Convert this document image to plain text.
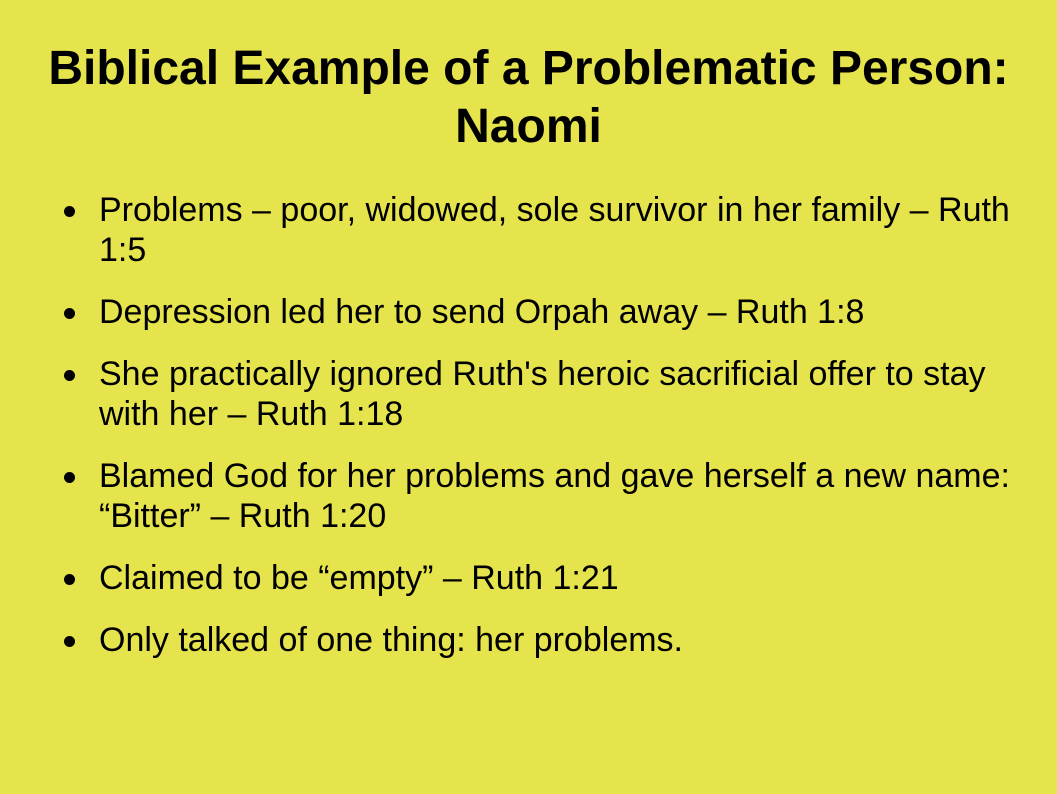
Biblical Example of a Problematic Person: Naomi
Problems – poor, widowed, sole survivor in her family – Ruth 1:5
Depression led her to send Orpah away – Ruth 1:8
She practically ignored Ruth's heroic sacrificial offer to stay with her – Ruth 1:18
Blamed God for her problems and gave herself a new name: “Bitter” – Ruth 1:20
Claimed to be “empty” – Ruth 1:21
Only talked of one thing: her problems.
